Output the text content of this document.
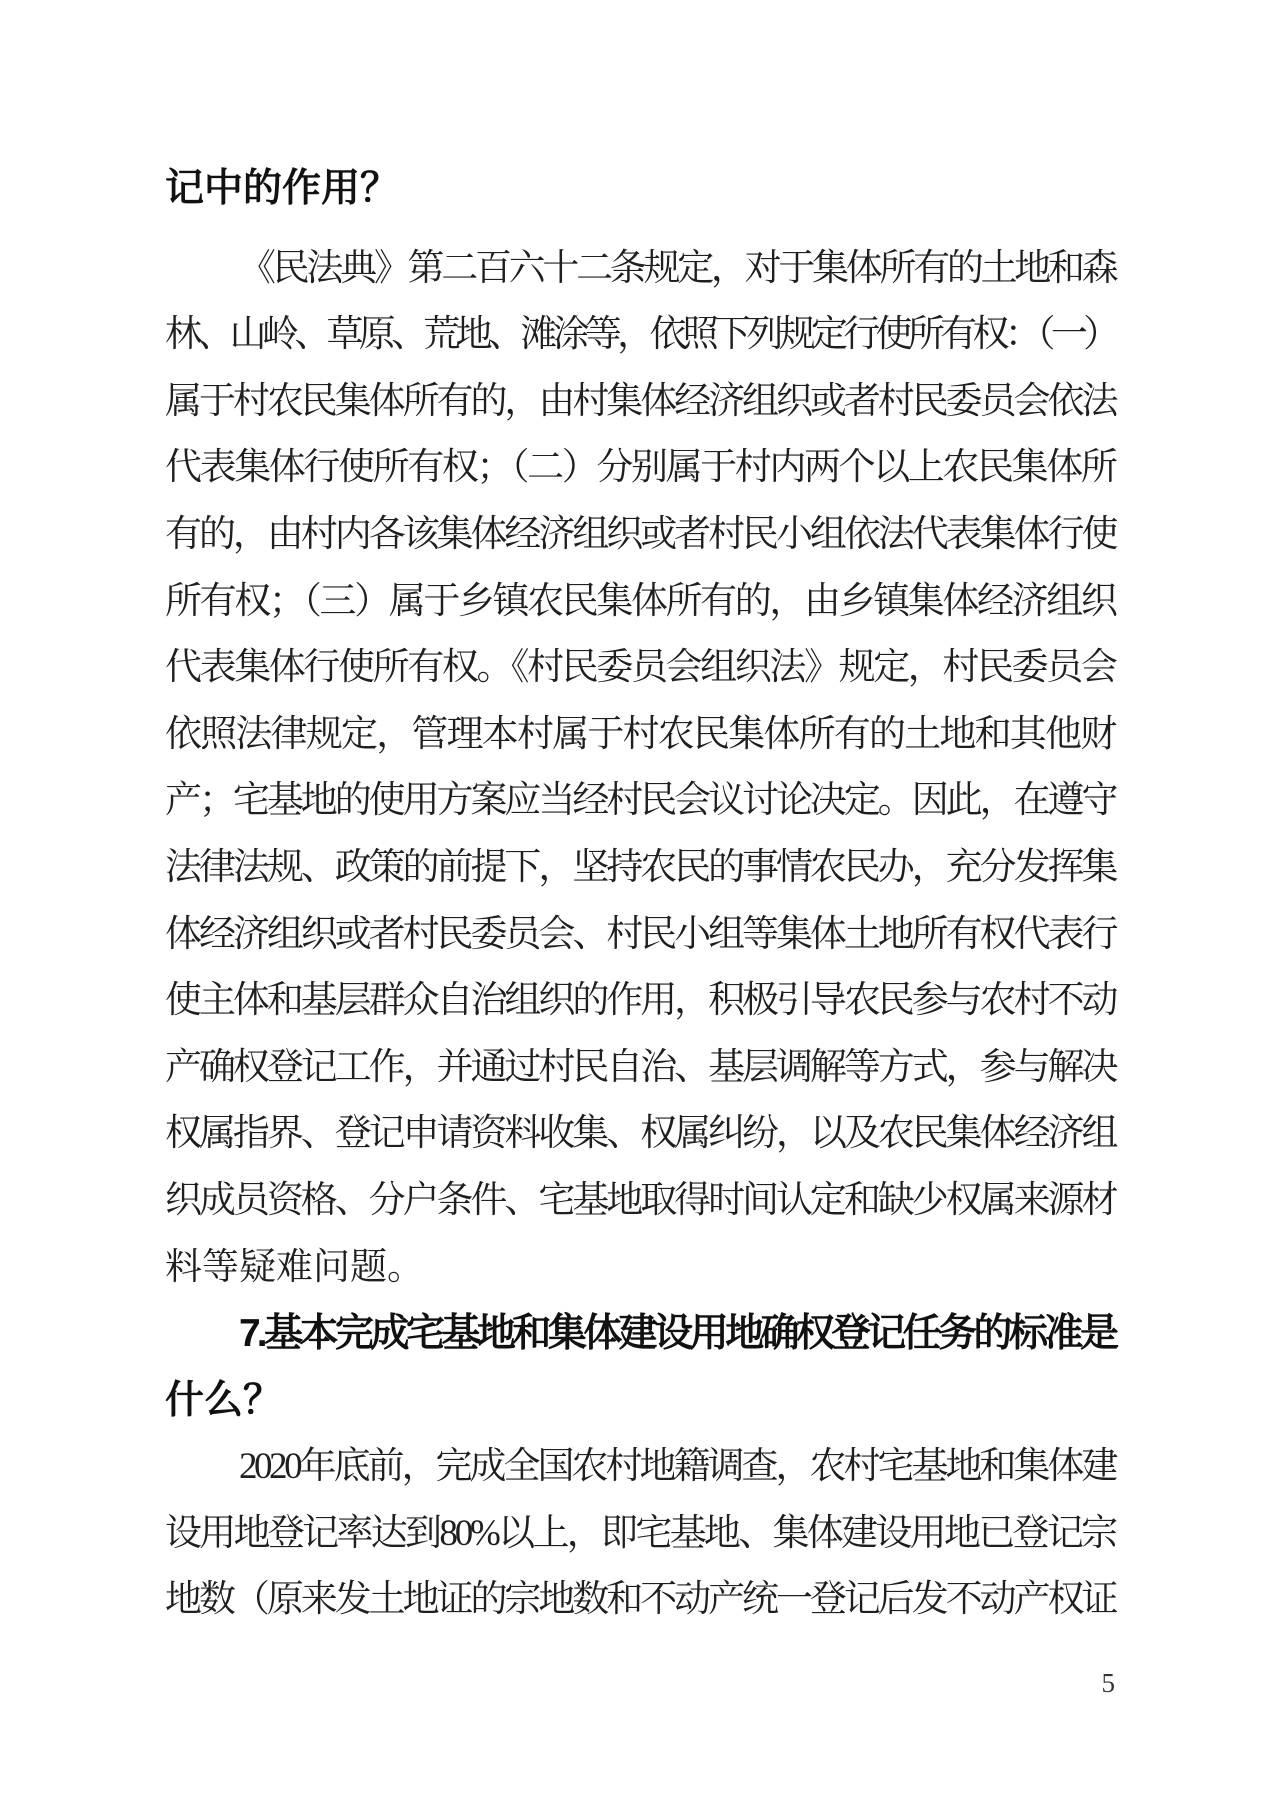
记中的作用？
《民法典》第二百六十二条规定，对于集体所有的土地和森
林、山岭、草原、荒地、滩涂等，依照下列规定行使所有权：（一）
属于村农民集体所有的，由村集体经济组织或者村民委员会依法
代表集体行使所有权；（二）分别属于村内两个以上农民集体所
有的，由村内各该集体经济组织或者村民小组依法代表集体行使
所有权；（三）属于乡镇农民集体所有的，由乡镇集体经济组织
代表集体行使所有权。《村民委员会组织法》规定，村民委员会
依照法律规定，管理本村属于村农民集体所有的土地和其他财
产；宅基地的使用方案应当经村民会议讨论决定。因此，在遵守
法律法规、政策的前提下，坚持农民的事情农民办，充分发挥集
体经济组织或者村民委员会、村民小组等集体土地所有权代表行
使主体和基层群众自治组织的作用，积极引导农民参与农村不动
产确权登记工作，并通过村民自治、基层调解等方式，参与解决
权属指界、登记申请资料收集、权属纠纷，以及农民集体经济组
织成员资格、分户条件、宅基地取得时间认定和缺少权属来源材
料等疑难问题。
7.基本完成宅基地和集体建设用地确权登记任务的标准是
什么？
2020年底前，完成全国农村地籍调查，农村宅基地和集体建
设用地登记率达到80%以上，即宅基地、集体建设用地已登记宗
地数（原来发土地证的宗地数和不动产统一登记后发不动产权证
5
